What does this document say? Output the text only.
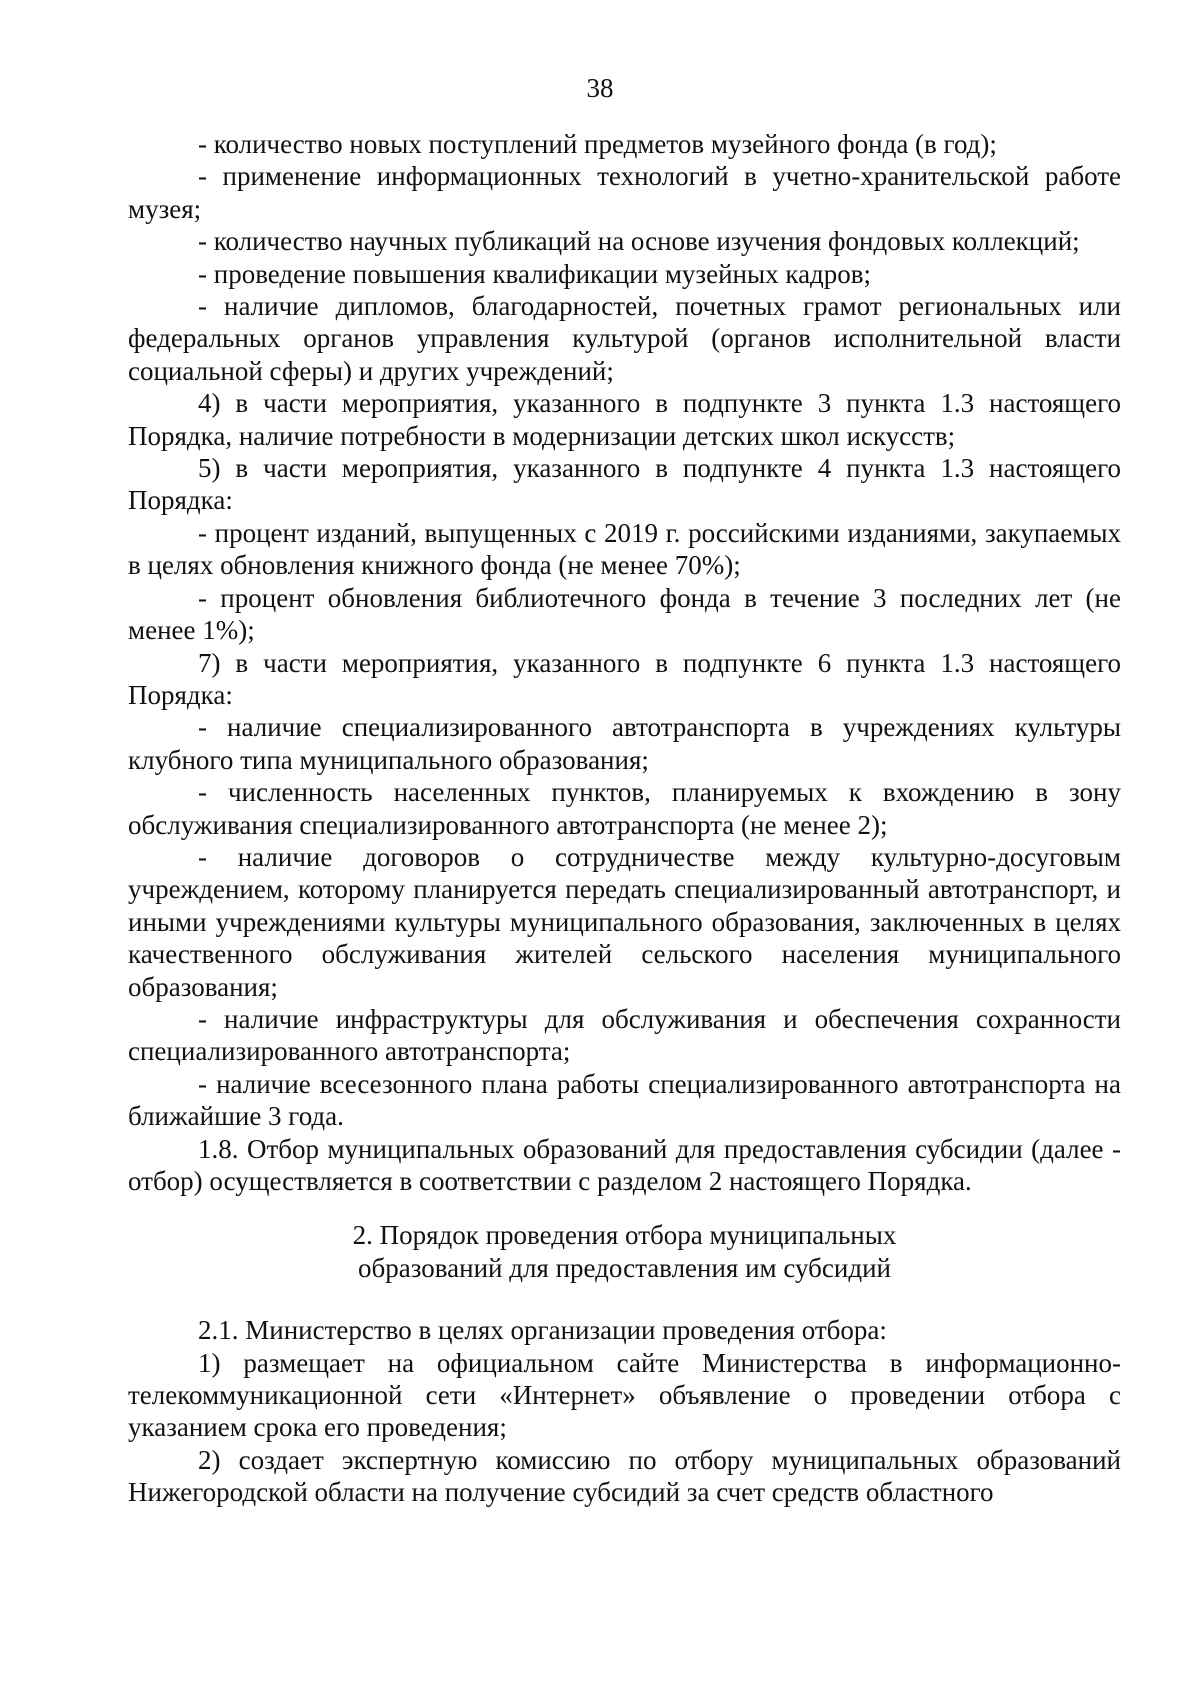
38

- количество новых поступлений предметов музейного фонда (в год);

- применение информационных технологий в учетно-хранительской работе музея;

- количество научных публикаций на основе изучения фондовых коллекций;

- проведение повышения квалификации музейных кадров;

- наличие дипломов, благодарностей, почетных грамот региональных или федеральных органов управления культурой (органов исполнительной власти социальной сферы) и других учреждений;

4) в части мероприятия, указанного в подпункте 3 пункта 1.3 настоящего Порядка, наличие потребности в модернизации детских школ искусств;

5) в части мероприятия, указанного в подпункте 4 пункта 1.3 настоящего Порядка:

- процент изданий, выпущенных с 2019 г. российскими изданиями, закупаемых в целях обновления книжного фонда (не менее 70%);

- процент обновления библиотечного фонда в течение 3 последних лет (не менее 1%);

7) в части мероприятия, указанного в подпункте 6 пункта 1.3 настоящего Порядка:

- наличие специализированного автотранспорта в учреждениях культуры клубного типа муниципального образования;

- численность населенных пунктов, планируемых к вхождению в зону обслуживания специализированного автотранспорта (не менее 2);

- наличие договоров о сотрудничестве между культурно-досуговым учреждением, которому планируется передать специализированный автотранспорт, и иными учреждениями культуры муниципального образования, заключенных в целях качественного обслуживания жителей сельского населения муниципального образования;

- наличие инфраструктуры для обслуживания и обеспечения сохранности специализированного автотранспорта;

- наличие всесезонного плана работы специализированного автотранспорта на ближайшие 3 года.

1.8. Отбор муниципальных образований для предоставления субсидии (далее - отбор) осуществляется в соответствии с разделом 2 настоящего Порядка.

2. Порядок проведения отбора муниципальных
образований для предоставления им субсидий

2.1. Министерство в целях организации проведения отбора:

1) размещает на официальном сайте Министерства в информационно-телекоммуникационной сети «Интернет» объявление о проведении отбора с указанием срока его проведения;

2) создает экспертную комиссию по отбору муниципальных образований Нижегородской области на получение субсидий за счет средств областного
